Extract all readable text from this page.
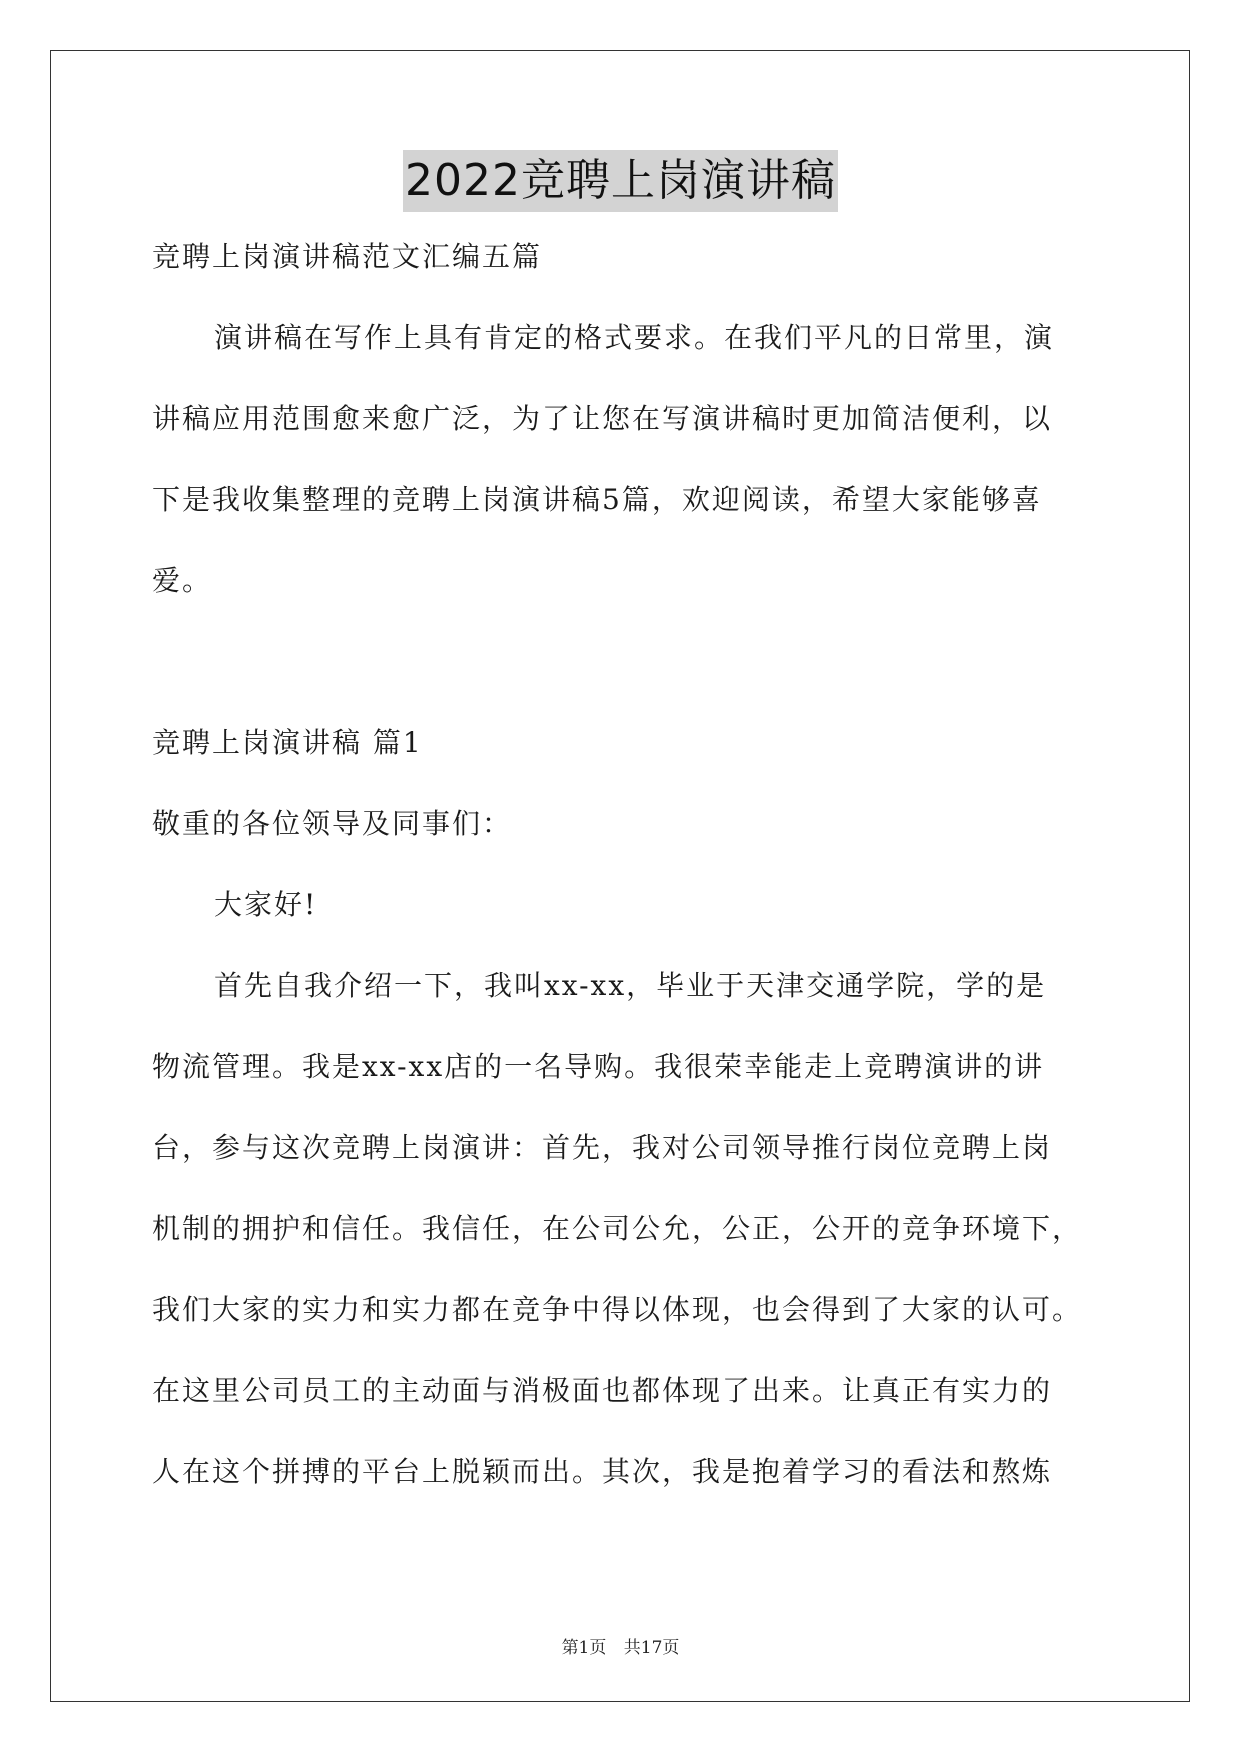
2022竞聘上岗演讲稿
竞聘上岗演讲稿范文汇编五篇
演讲稿在写作上具有肯定的格式要求。在我们平凡的日常里，演
讲稿应用范围愈来愈广泛，为了让您在写演讲稿时更加简洁便利，以
下是我收集整理的竞聘上岗演讲稿5篇，欢迎阅读，希望大家能够喜
爱。
竞聘上岗演讲稿 篇1
敬重的各位领导及同事们：
大家好!
首先自我介绍一下，我叫xx-xx，毕业于天津交通学院，学的是
物流管理。我是xx-xx店的一名导购。我很荣幸能走上竞聘演讲的讲
台，参与这次竞聘上岗演讲：首先，我对公司领导推行岗位竞聘上岗
机制的拥护和信任。我信任，在公司公允，公正，公开的竞争环境下，
我们大家的实力和实力都在竞争中得以体现，也会得到了大家的认可。
在这里公司员工的主动面与消极面也都体现了出来。让真正有实力的
人在这个拼搏的平台上脱颖而出。其次，我是抱着学习的看法和熬炼
第1页 共17页
